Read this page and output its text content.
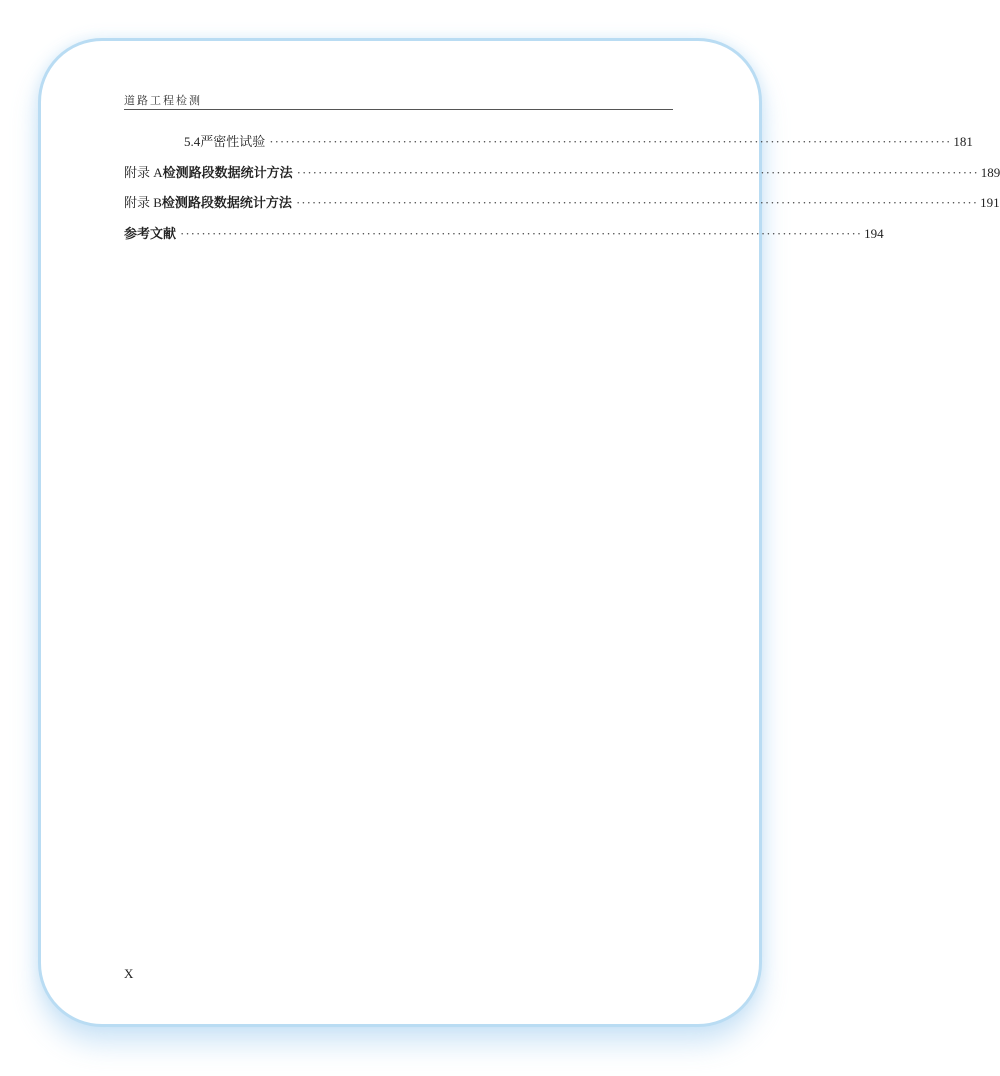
道路工程检测
5.4 严密性试验 ································································································································ 181
附录 A 检测路段数据统计方法 ································································································································ 189
附录 B 检测路段数据统计方法 ································································································································ 191
参考文献 ································································································································ 194
X
